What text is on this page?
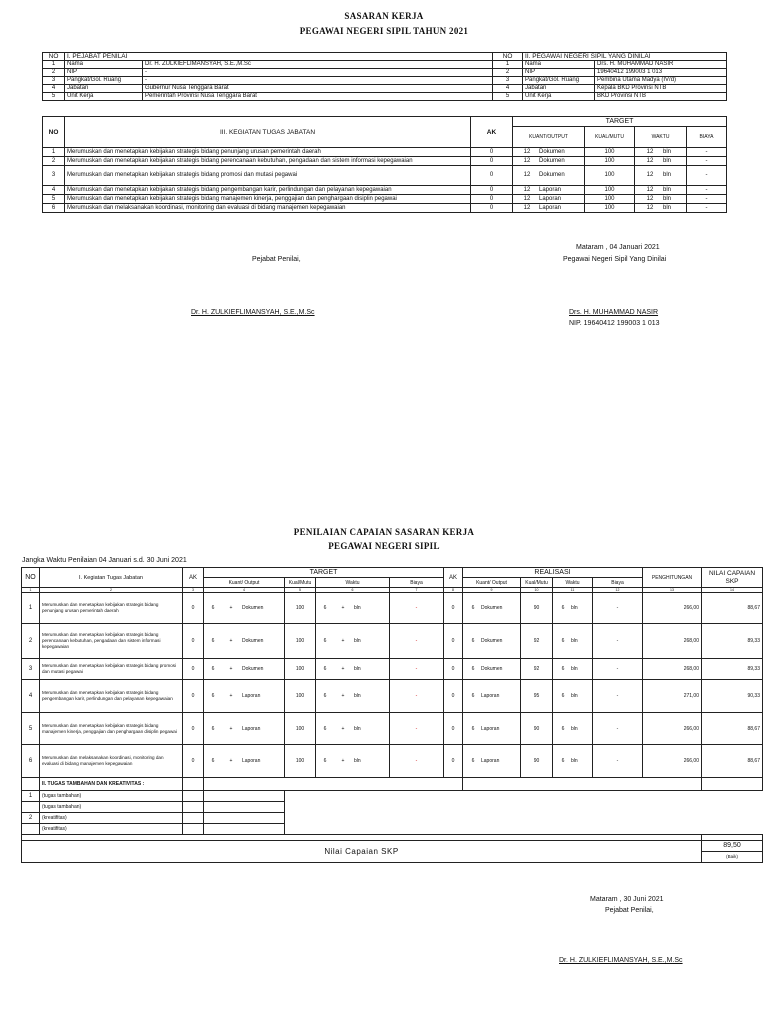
SASARAN KERJA
PEGAWAI NEGERI SIPIL TAHUN 2021
NO	I. PEJABAT PENILAI		NO	II. PEGAWAI NEGERI SIPIL YANG DINILAI	
1	Nama	Dr. H. ZULKIEFLIMANSYAH, S.E.,M.Sc	1	Nama	Drs. H. MUHAMMAD NASIR
2	NIP	-	2	NIP	19640412 199003 1 013
3	Pangkat/Gol. Ruang	-	3	Pangkat/Gol. Ruang	Pembina Utama Madya (IV/d)
4	Jabatan	Gubernur Nusa Tenggara Barat	4	Jabatan	Kepala BKD Provinsi NTB
5	Unit Kerja	Pemerintah Provinsi Nusa Tenggara Barat	5	Unit Kerja	BKD Provinsi NTB
NO	III. KEGIATAN TUGAS JABATAN	AK	TARGET			
			KUANT/OUTPUT	KUAL/MUTU	WAKTU	BIAYA
1	Merumuskan dan menetapkan kebijakan strategis bidang penunjang urusan pemerintah daerah	0	12 Dokumen	100	12 bln	-
2	Merumuskan dan menetapkan kebijakan strategis bidang perencanaan kebutuhan, pengadaan dan sistem informasi kepegawaian	0	12 Dokumen	100	12 bln	-
3	Merumuskan dan menetapkan kebijakan strategis bidang promosi dan mutasi pegawai	0	12 Dokumen	100	12 bln	-
4	Merumuskan dan menetapkan kebijakan strategis bidang pengembangan karir, perlindungan dan pelayanan kepegawaian	0	12 Laporan	100	12 bln	-
5	Merumuskan dan menetapkan kebijakan strategis bidang manajemen kinerja, penggajian dan penghargaan disiplin pegawai	0	12 Laporan	100	12 bln	-
6	Merumuskan dan melaksanakan koordinasi, monitoring dan evaluasi di bidang manajemen kepegawaian	0	12 Laporan	100	12 bln	-
Mataram , 04 Januari 2021
Pejabat Penilai,	Pegawai Negeri Sipil Yang Dinilai
Dr. H. ZULKIEFLIMANSYAH, S.E.,M.Sc	Drs. H. MUHAMMAD NASIR
NIP. 19640412 199003 1 013
PENILAIAN CAPAIAN SASARAN KERJA
PEGAWAI NEGERI SIPIL
Jangka Waktu Penilaian 04 Januari s.d. 30 Juni 2021
NO	I. Kegiatan Tugas Jabatan	AK	TARGET				AK	REALISASI				PENGHITUNGAN	NILAI CAPAIAN SKP
			Kuant/ Output	Kual/Mutu	Waktu	Biaya		Kuant/ Output	Kual/Mutu	Waktu	Biaya		
1	2	3	4	5	6	7	8	9	10	11	12	13	14
1	Merumuskan dan menetapkan kebijakan strategis bidang penunjang urusan pemerintah daerah	0	6 + Dokumen	100	6 + bln	-	0	6 Dokumen	90	6 bln	-	266,00	88,67
2	Merumuskan dan menetapkan kebijakan strategis bidang perencanaan kebutuhan, pengadaan dan sistem informasi kepegawaian	0	6 + Dokumen	100	6 + bln	-	0	6 Dokumen	92	6 bln	-	268,00	89,33
3	Merumuskan dan menetapkan kebijakan strategis bidang promosi dan mutasi pegawai	0	6 + Dokumen	100	6 + bln	-	0	6 Dokumen	92	6 bln	-	268,00	89,33
4	Merumuskan dan menetapkan kebijakan strategis bidang pengembangan karir, perlindungan dan pelayanan kepegawaian	0	6 + Laporan	100	6 + bln	-	0	6 Laporan	95	6 bln	-	271,00	90,33
5	Merumuskan dan menetapkan kebijakan strategis bidang manajemen kinerja, penggajian dan penghargaan disiplin pegawai	0	6 + Laporan	100	6 + bln	-	0	6 Laporan	90	6 bln	-	266,00	88,67
6	Merumuskan dan melaksanakan koordinasi, monitoring dan evaluasi di bidang manajemen kepegawaian	0	6 + Laporan	100	6 + bln	-	0	6 Laporan	90	6 bln	-	266,00	88,67
	II. TUGAS TAMBAHAN DAN KREATIVITAS :												
1	(tugas tambahan)												
	(tugas tambahan)												
2	(kreatifitas)												
	(kreatifitas)												

Nilai Capaian SKP													89,50
(Baik)
Mataram , 30 Juni 2021
Pejabat Penilai,
Dr. H. ZULKIEFLIMANSYAH, S.E.,M.Sc
